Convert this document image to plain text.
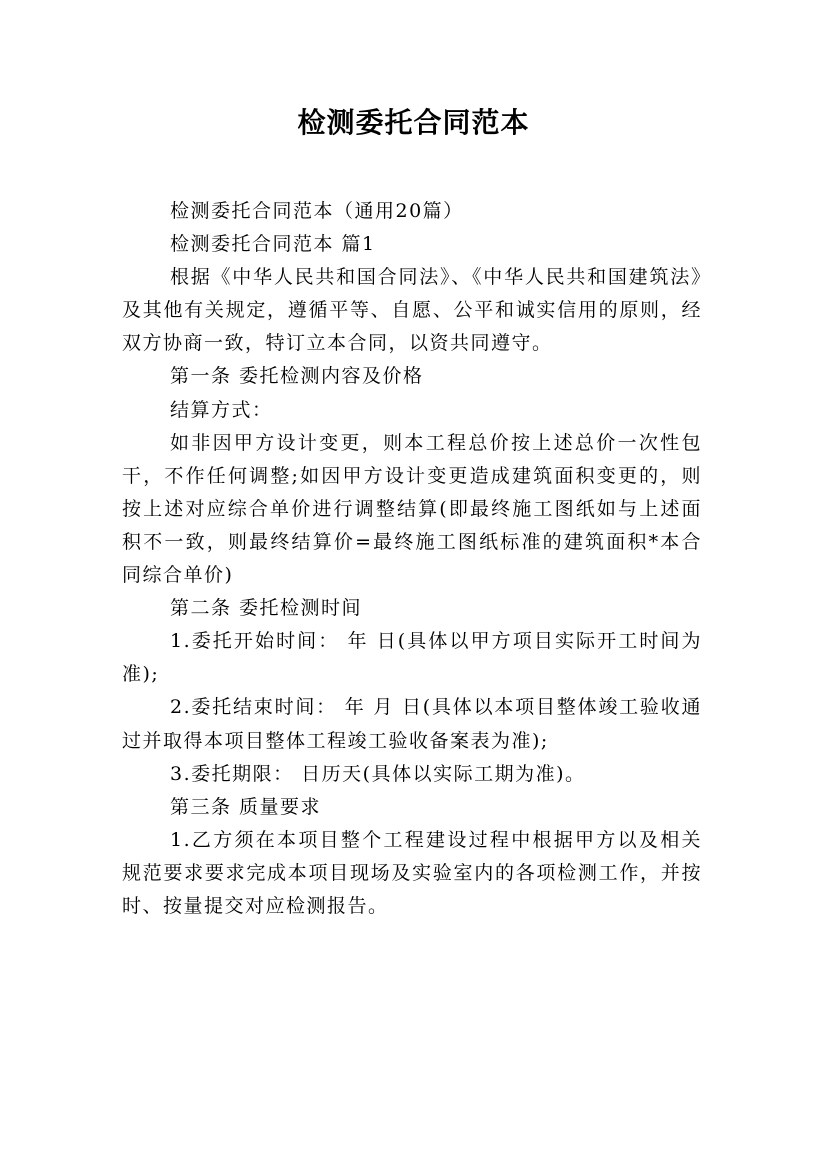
检测委托合同范本

检测委托合同范本（通用20篇）

检测委托合同范本 篇1

根据《中华人民共和国合同法》、《中华人民共和国建筑法》及其他有关规定，遵循平等、自愿、公平和诚实信用的原则，经双方协商一致，特订立本合同，以资共同遵守。

第一条 委托检测内容及价格

结算方式：

如非因甲方设计变更，则本工程总价按上述总价一次性包干，不作任何调整;如因甲方设计变更造成建筑面积变更的，则按上述对应综合单价进行调整结算(即最终施工图纸如与上述面积不一致，则最终结算价=最终施工图纸标准的建筑面积*本合同综合单价)

第二条 委托检测时间

1.委托开始时间： 年 日(具体以甲方项目实际开工时间为准);

2.委托结束时间： 年 月 日(具体以本项目整体竣工验收通过并取得本项目整体工程竣工验收备案表为准);

3.委托期限： 日历天(具体以实际工期为准)。

第三条 质量要求

1.乙方须在本项目整个工程建设过程中根据甲方以及相关规范要求要求完成本项目现场及实验室内的各项检测工作，并按时、按量提交对应检测报告。
